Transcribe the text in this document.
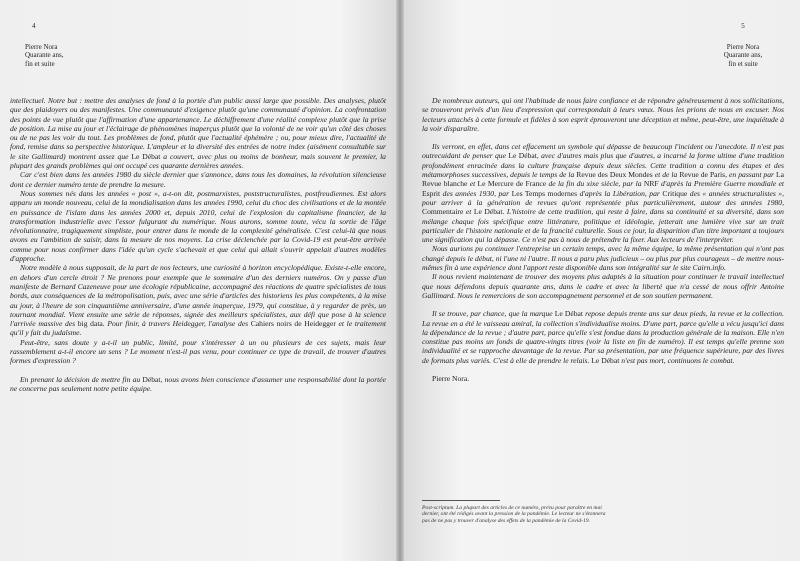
4
Pierre Nora
Quarante ans,
fin et suite

intellectuel. Notre but : mettre des analyses de fond à la portée d'un public aussi large que possible. Des analyses, plutôt que des plaidoyers ou des manifestes. Une communauté d'exigence plutôt qu'une communauté d'opinion. La confrontation des points de vue plutôt que l'affirmation d'une appartenance. Le déchiffrement d'une réalité complexe plutôt que la prise de position. La mise au jour et l'éclairage de phénomènes inaperçus plutôt que la volonté de ne voir qu'un côté des choses ou de ne pas les voir du tout. Les problèmes de fond, plutôt que l'actualité éphémère ; ou, pour mieux dire, l'actualité de fond, remise dans sa perspective historique. L'ampleur et la diversité des entrées de notre index (aisément consultable sur le site Gallimard) montrent assez que Le Débat a couvert, avec plus ou moins de bonheur, mais souvent le premier, la plupart des grands problèmes qui ont occupé ces quarante dernières années.

Car c'est bien dans les années 1980 du siècle dernier que s'annonce, dans tous les domaines, la révolution silencieuse dont ce dernier numéro tente de prendre la mesure.

Nous sommes nés dans les années « post », a-t-on dit, postmarxistes, poststructuralistes, postfreudiennes. Est alors apparu un monde nouveau, celui de la mondialisation dans les années 1990, celui du choc des civilisations et de la montée en puissance de l'islam dans les années 2000 et, depuis 2010, celui de l'explosion du capitalisme financier, de la transformation industrielle avec l'essor fulgurant du numérique. Nous aurons, somme toute, vécu la sortie de l'âge révolutionnaire, tragiquement simpliste, pour entrer dans le monde de la complexité généralisée. C'est celui-là que nous avons eu l'ambition de saisir, dans la mesure de nos moyens. La crise déclenchée par la Covid-19 est peut-être arrivée comme pour nous confirmer dans l'idée qu'un cycle s'achevait et que celui qui allait s'ouvrir appelait d'autres modèles d'approche.

Notre modèle à nous supposait, de la part de nos lecteurs, une curiosité à horizon encyclopédique. Existe-t-elle encore, en dehors d'un cercle étroit ? Ne prenons pour exemple que le sommaire d'un des derniers numéros. On y passe d'un manifeste de Bernard Cazeneuve pour une écologie républicaine, accompagné des réactions de quatre spécialistes de tous bords, aux conséquences de la métropolisation, puis, avec une série d'articles des historiens les plus compétents, à la mise au jour, à l'heure de son cinquantième anniversaire, d'une année inaperçue, 1979, qui constitue, à y regarder de près, un tournant mondial. Vient ensuite une série de réponses, signée des meilleurs spécialistes, aux défi que pose à la science l'arrivée massive des big data. Pour finir, à travers Heidegger, l'analyse des Cahiers noirs de Heidegger et le traitement qu'il y fait du judaïsme.

Peut-être, sans doute y a-t-il un public, limité, pour s'intéresser à un ou plusieurs de ces sujets, mais leur rassemblement a-t-il encore un sens ? Le moment n'est-il pas venu, pour continuer ce type de travail, de trouver d'autres formes d'expression ?

En prenant la décision de mettre fin au Débat, nous avons bien conscience d'assumer une responsabilité dont la portée ne concerne pas seulement notre petite équipe.

5
Pierre Nora
Quarante ans,
fin et suite

De nombreux auteurs, qui ont l'habitude de nous faire confiance et de répondre généreusement à nos sollicitations, se trouveront privés d'un lieu d'expression qui correspondait à leurs vœux. Nous les prions de nous en excuser. Nos lecteurs attachés à cette formule et fidèles à son esprit éprouveront une déception et même, peut-être, une inquiétude à la voir disparaître.

Ils verront, en effet, dans cet effacement un symbole qui dépasse de beaucoup l'incident ou l'anecdote. Il n'est pas outrecuidant de penser que Le Débat, avec d'autres mais plus que d'autres, a incarné la forme ultime d'une tradition profondément enracinée dans la culture française depuis deux siècles. Cette tradition a connu des étapes et des métamorphoses successives, depuis le temps de la Revue des Deux Mondes et de la Revue de Paris, en passant par La Revue blanche et Le Mercure de France de la fin du xixe siècle, par la NRF d'après la Première Guerre mondiale et Esprit des années 1930, par Les Temps modernes d'après la Libération, par Critique des « années structuralistes », pour arriver à la génération de revues qu'ont représentée plus particulièrement, autour des années 1980, Commentaire et Le Débat. L'histoire de cette tradition, qui reste à faire, dans sa continuité et sa diversité, dans son mélange chaque fois spécifique entre littérature, politique et idéologie, jetterait une lumière vive sur un trait particulier de l'histoire nationale et de la francité culturelle. Sous ce jour, la disparition d'un titre important a toujours une signification qui la dépasse. Ce n'est pas à nous de prétendre la fixer. Aux lecteurs de l'interpréter.

Nous aurions pu continuer l'entreprise un certain temps, avec la même équipe, la même présentation qui n'ont pas changé depuis le début, ni l'une ni l'autre. Il nous a paru plus judicieux – ou plus pur plus courageux – de mettre nous-mêmes fin à une expérience dont l'apport reste disponible dans son intégralité sur le site Cairn.info.

Il nous revient maintenant de trouver des moyens plus adaptés à la situation pour continuer le travail intellectuel que nous défendons depuis quarante ans, dans le cadre et avec la liberté que n'a cessé de nous offrir Antoine Gallimard. Nous le remercions de son accompagnement personnel et de son soutien permanent.

Il se trouve, par chance, que la marque Le Débat repose depuis trente ans sur deux pieds, la revue et la collection. La revue en a été le vaisseau amiral, la collection s'individualise moins. D'une part, parce qu'elle a vécu jusqu'ici dans la dépendance de la revue ; d'autre part, parce qu'elle s'est fondue dans la production générale de la maison. Elle n'en constitue pas moins un fonds de quatre-vingts titres (voir la liste en fin de numéro). Il est temps qu'elle prenne son individualité et se rapproche davantage de la revue. Par sa présentation, par une fréquence supérieure, par des livres de formats plus variés. C'est à elle de prendre le relais. Le Débat n'est pas mort, continuons le combat.

Pierre Nora.

Post-scriptum. La plupart des articles de ce numéro, prévu pour paraître en mai dernier, ont été rédigés avant la pression de la pandémie. Le lecteur ne s'étonnera pas de ne pas y trouver d'analyse des effets de la pandémie de la Covid-19.
